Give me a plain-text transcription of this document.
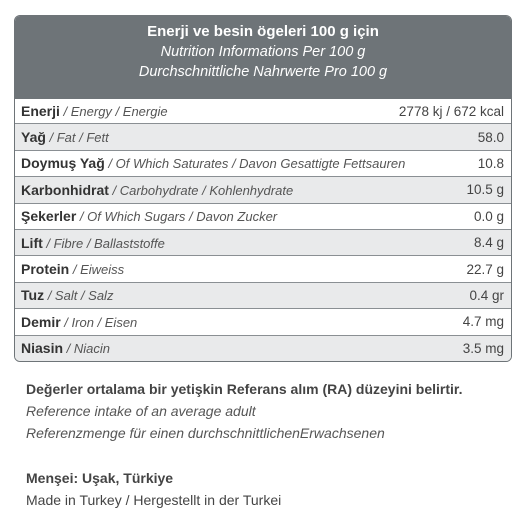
Enerji ve besin ögeleri 100 g için
Nutrition Informations Per 100 g
Durchschnittliche Nahrwerte Pro 100 g
Enerji / Energy / Energie	2778 kj / 672 kcal
Yağ / Fat / Fett	58.0
Doymuş Yağ / Of Which Saturates / Davon Gesattigte Fettsauren	10.8
Karbonhidrat / Carbohydrate / Kohlenhydrate	10.5 g
Şekerler / Of Which Sugars / Davon Zucker	0.0 g
Lift / Fibre / Ballaststoffe	8.4 g
Protein / Eiweiss	22.7 g
Tuz / Salt / Salz	0.4 gr
Demir / Iron / Eisen	4.7 mg
Niasin / Niacin	3.5 mg
Değerler ortalama bir yetişkin Referans alım (RA) düzeyini belirtir.
Reference intake of an average adult
Referenzmenge für einen durchschnittlichenErwachsenen
Menşei: Uşak, Türkiye
Made in Turkey / Hergestellt in der Turkei
